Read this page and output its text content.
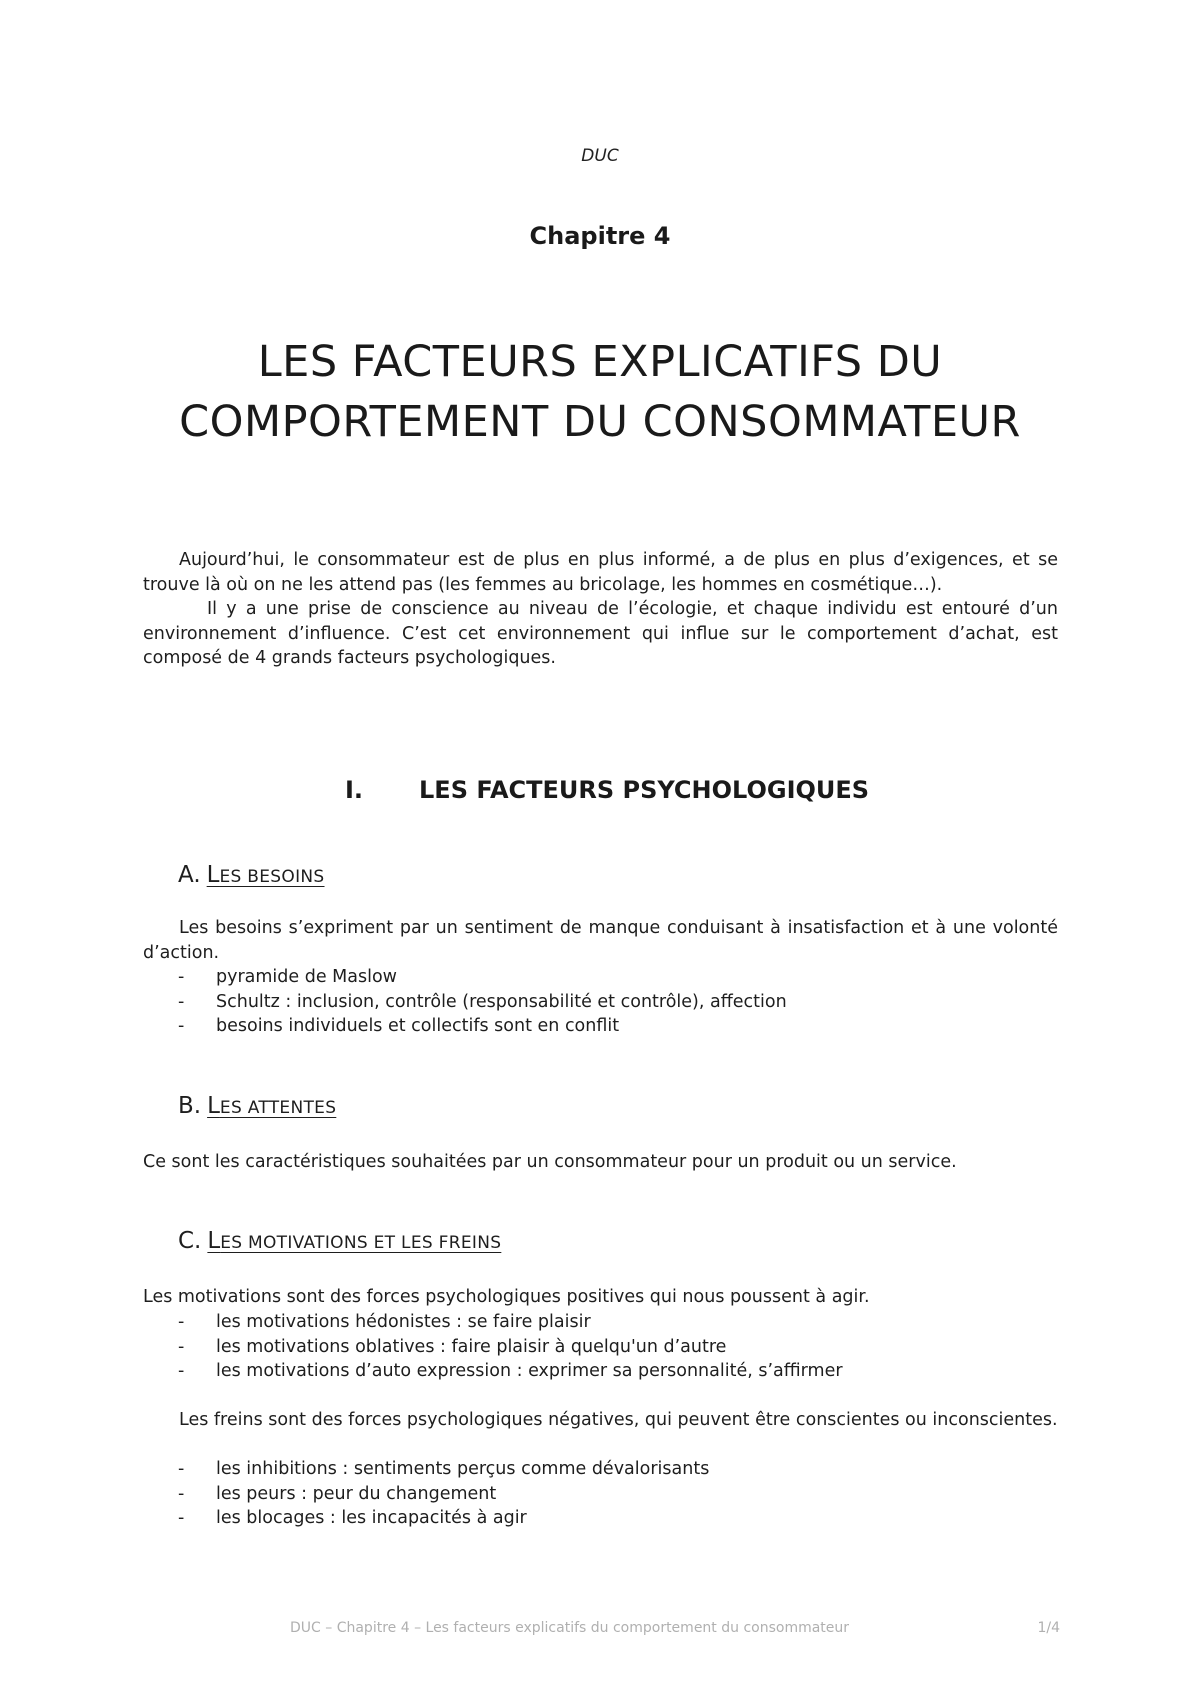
DUC
Chapitre 4
LES FACTEURS EXPLICATIFS DU
COMPORTEMENT DU CONSOMMATEUR
Aujourd’hui, le consommateur est de plus en plus informé, a de plus en plus d’exigences, et se trouve là où on ne les attend pas (les femmes au bricolage, les hommes en cosmétique…).
Il y a une prise de conscience au niveau de l’écologie, et chaque individu est entouré d’un environnement d’influence. C’est cet environnement qui influe sur le comportement d’achat, est composé de 4 grands facteurs psychologiques.
I. LES FACTEURS PSYCHOLOGIQUES
A. LES BESOINS
Les besoins s’expriment par un sentiment de manque conduisant à insatisfaction et à une volonté d’action.
- pyramide de Maslow
- Schultz : inclusion, contrôle (responsabilité et contrôle), affection
- besoins individuels et collectifs sont en conflit
B. LES ATTENTES
Ce sont les caractéristiques souhaitées par un consommateur pour un produit ou un service.
C. LES MOTIVATIONS ET LES FREINS
Les motivations sont des forces psychologiques positives qui nous poussent à agir.
- les motivations hédonistes : se faire plaisir
- les motivations oblatives : faire plaisir à quelqu'un d’autre
- les motivations d’auto expression : exprimer sa personnalité, s’affirmer
Les freins sont des forces psychologiques négatives, qui peuvent être conscientes ou inconscientes.
- les inhibitions : sentiments perçus comme dévalorisants
- les peurs : peur du changement
- les blocages : les incapacités à agir
DUC – Chapitre 4 – Les facteurs explicatifs du comportement du consommateur	1/4
